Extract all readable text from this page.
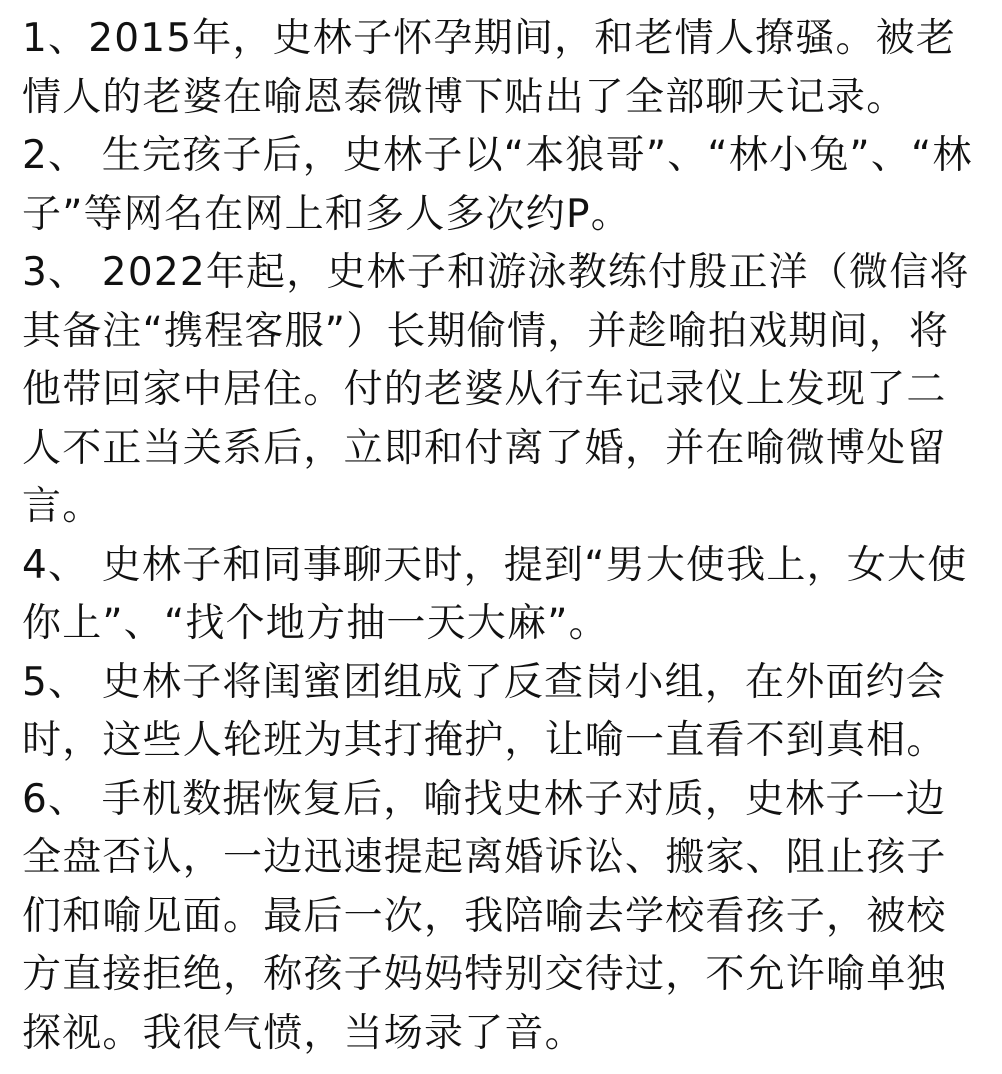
1、2015年，史林子怀孕期间，和老情人撩骚。被老情人的老婆在喻恩泰微博下贴出了全部聊天记录。

2、 生完孩子后，史林子以“本狼哥”、“林小兔”、“林子”等网名在网上和多人多次约P。

3、 2022年起，史林子和游泳教练付殷正洋（微信将其备注“携程客服”）长期偷情，并趁喻拍戏期间，将他带回家中居住。付的老婆从行车记录仪上发现了二人不正当关系后，立即和付离了婚，并在喻微博处留言。

4、 史林子和同事聊天时，提到“男大使我上，女大使你上”、“找个地方抽一天大麻”。

5、 史林子将闺蜜团组成了反查岗小组，在外面约会时，这些人轮班为其打掩护，让喻一直看不到真相。

6、 手机数据恢复后，喻找史林子对质，史林子一边全盘否认，一边迅速提起离婚诉讼、搬家、阻止孩子们和喻见面。最后一次，我陪喻去学校看孩子，被校方直接拒绝，称孩子妈妈特别交待过，不允许喻单独探视。我很气愤，当场录了音。
